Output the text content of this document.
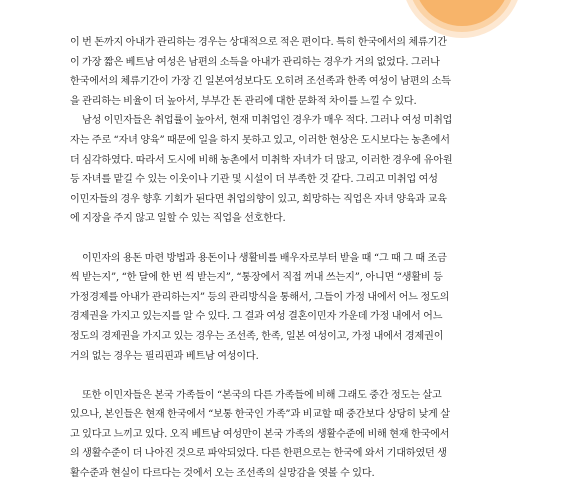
이 번 돈까지 아내가 관리하는 경우는 상대적으로 적은 편이다. 특히 한국에서의 체류기간
이 가장 짧은 베트남 여성은 남편의 소득을 아내가 관리하는 경우가 거의 없었다. 그러나
한국에서의 체류기간이 가장 긴 일본여성보다도 오히려 조선족과 한족 여성이 남편의 소득
을 관리하는 비율이 더 높아서, 부부간 돈 관리에 대한 문화적 차이를 느낄 수 있다.

남성 이민자들은 취업률이 높아서, 현재 미취업인 경우가 매우 적다. 그러나 여성 미취업
자는 주로 “자녀 양육” 때문에 일을 하지 못하고 있고, 이러한 현상은 도시보다는 농촌에서
더 심각하였다. 따라서 도시에 비해 농촌에서 미취학 자녀가 더 많고, 이러한 경우에 유아원
등 자녀를 맡길 수 있는 이웃이나 기관 및 시설이 더 부족한 것 같다. 그리고 미취업 여성
이민자들의 경우 향후 기회가 된다면 취업의향이 있고, 희망하는 직업은 자녀 양육과 교육
에 지장을 주지 않고 일할 수 있는 직업을 선호한다.

이민자의 용돈 마련 방법과 용돈이나 생활비를 배우자로부터 받을 때 “그 때 그 때 조금
씩 받는지”, “한 달에 한 번 씩 받는지”, “통장에서 직접 꺼내 쓰는지”, 아니면 “생활비 등
가정경제를 아내가 관리하는지” 등의 관리방식을 통해서, 그들이 가정 내에서 어느 정도의
경제권을 가지고 있는지를 알 수 있다. 그 결과 여성 결혼이민자 가운데 가정 내에서 어느
정도의 경제권을 가지고 있는 경우는 조선족, 한족, 일본 여성이고, 가정 내에서 경제권이
거의 없는 경우는 필리핀과 베트남 여성이다.

또한 이민자들은 본국 가족들이 “본국의 다른 가족들에 비해 그래도 중간 정도는 살고
있으나, 본인들은 현재 한국에서 “보통 한국인 가족”과 비교할 때 중간보다 상당히 낮게 살
고 있다고 느끼고 있다. 오직 베트남 여성만이 본국 가족의 생활수준에 비해 현재 한국에서
의 생활수준이 더 나아진 것으로 파악되었다. 다른 한편으로는 한국에 와서 기대하였던 생
활수준과 현실이 다르다는 것에서 오는 조선족의 실망감을 엿볼 수 있다.
